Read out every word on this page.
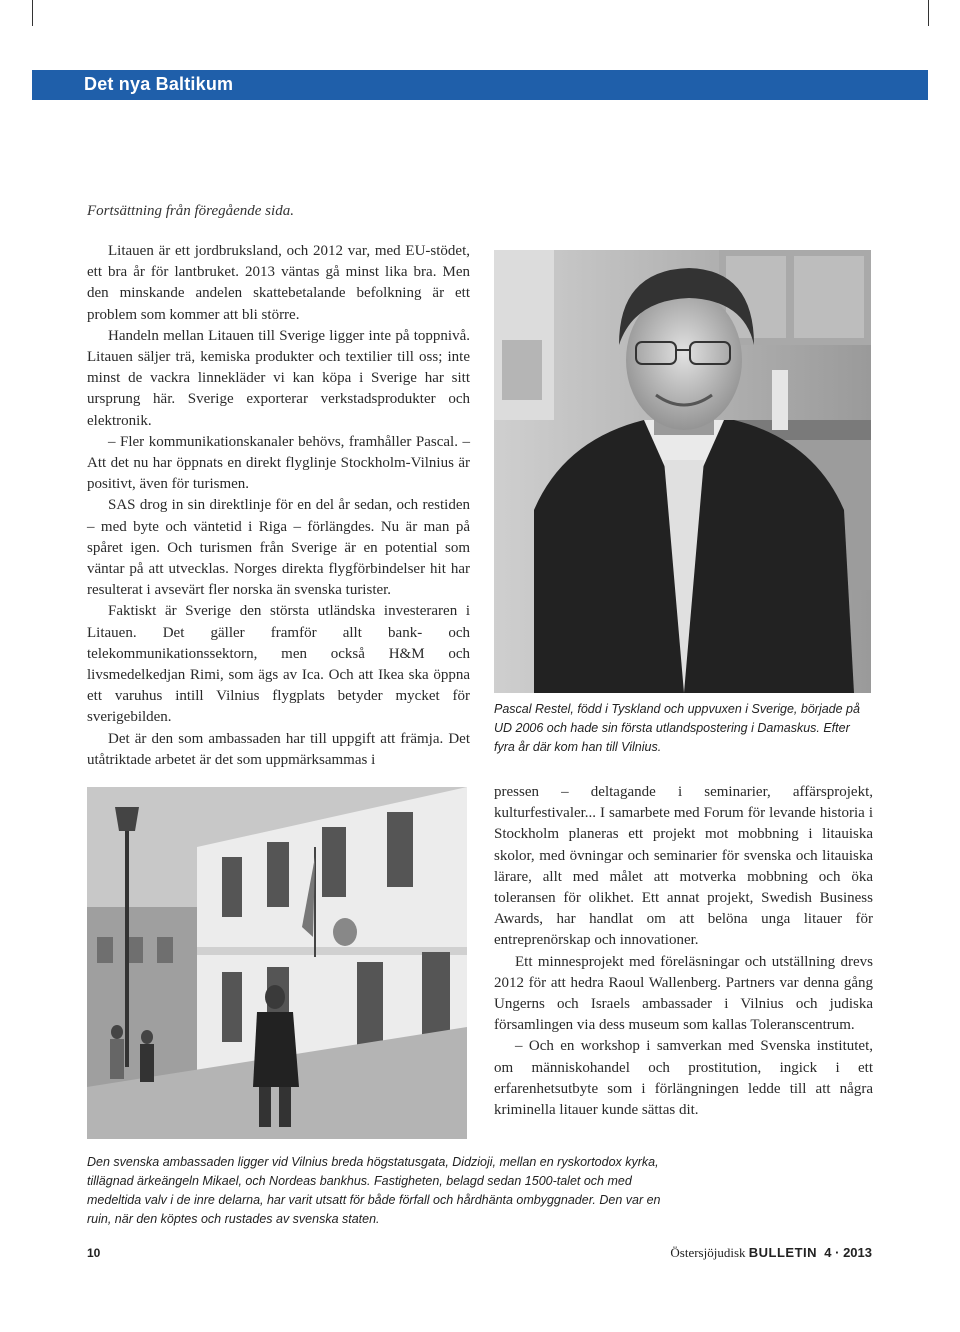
Det nya Baltikum
Fortsättning från föregående sida.

Litauen är ett jordbruksland, och 2012 var, med EU-stödet, ett bra år för lantbruket. 2013 väntas gå minst lika bra. Men den minskande andelen skattebetalande befolkning är ett problem som kommer att bli större.

Handeln mellan Litauen till Sverige ligger inte på toppnivå. Litauen säljer trä, kemiska produkter och textilier till oss; inte minst de vackra linnekläder vi kan köpa i Sverige har sitt ursprung här. Sverige exporterar verkstadsprodukter och elektronik.

– Fler kommunikationskanaler behövs, framhåller Pascal. – Att det nu har öppnats en direkt flyglinje Stockholm-Vilnius är positivt, även för turismen.

SAS drog in sin direktlinje för en del år sedan, och restiden – med byte och väntetid i Riga – förlängdes. Nu är man på spåret igen. Och turismen från Sverige är en potential som väntar på att utvecklas. Norges direkta flygförbindelser hit har resulterat i avsevärt fler norska än svenska turister.

Faktiskt är Sverige den största utländska investeraren i Litauen. Det gäller framför allt bank- och telekommunikationssektorn, men också H&M och livsmedelkedjan Rimi, som ägs av Ica. Och att Ikea ska öppna ett varuhus intill Vilnius flygplats betyder mycket för sverigebilden.

Det är den som ambassaden har till uppgift att främja. Det utåtriktade arbetet är det som uppmärksammas i

Pascal Restel, född i Tyskland och uppvuxen i Sverige, började på UD 2006 och hade sin första utlandspostering i Damaskus. Efter fyra år där kom han till Vilnius.

pressen – deltagande i seminarier, affärsprojekt, kulturfestivaler... I samarbete med Forum för levande historia i Stockholm planeras ett projekt mot mobbning i litauiska skolor, med övningar och seminarier för svenska och litauiska lärare, allt med målet att motverka mobbning och öka toleransen för olikhet. Ett annat projekt, Swedish Business Awards, har handlat om att belöna unga litauer för entreprenörskap och innovationer.

Ett minnesprojekt med föreläsningar och utställning drevs 2012 för att hedra Raoul Wallenberg. Partners var denna gång Ungerns och Israels ambassader i Vilnius och judiska församlingen via dess museum som kallas Toleranscentrum.

– Och en workshop i samverkan med Svenska institutet, om människohandel och prostitution, ingick i ett erfarenhetsutbyte som i förlängningen ledde till att några kriminella litauer kunde sättas dit.

Den svenska ambassaden ligger vid Vilnius breda högstatusgata, Didzioji, mellan en ryskortodox kyrka, tillägnad ärkeängeln Mikael, och Nordeas bankhus. Fastigheten, belagd sedan 1500-talet och med medeltida valv i de inre delarna, har varit utsatt för både förfall och hårdhänta ombyggnader. Den var en ruin, när den köptes och rustades av svenska staten.
10	Östersjöjudisk BULLETIN 4 · 2013
